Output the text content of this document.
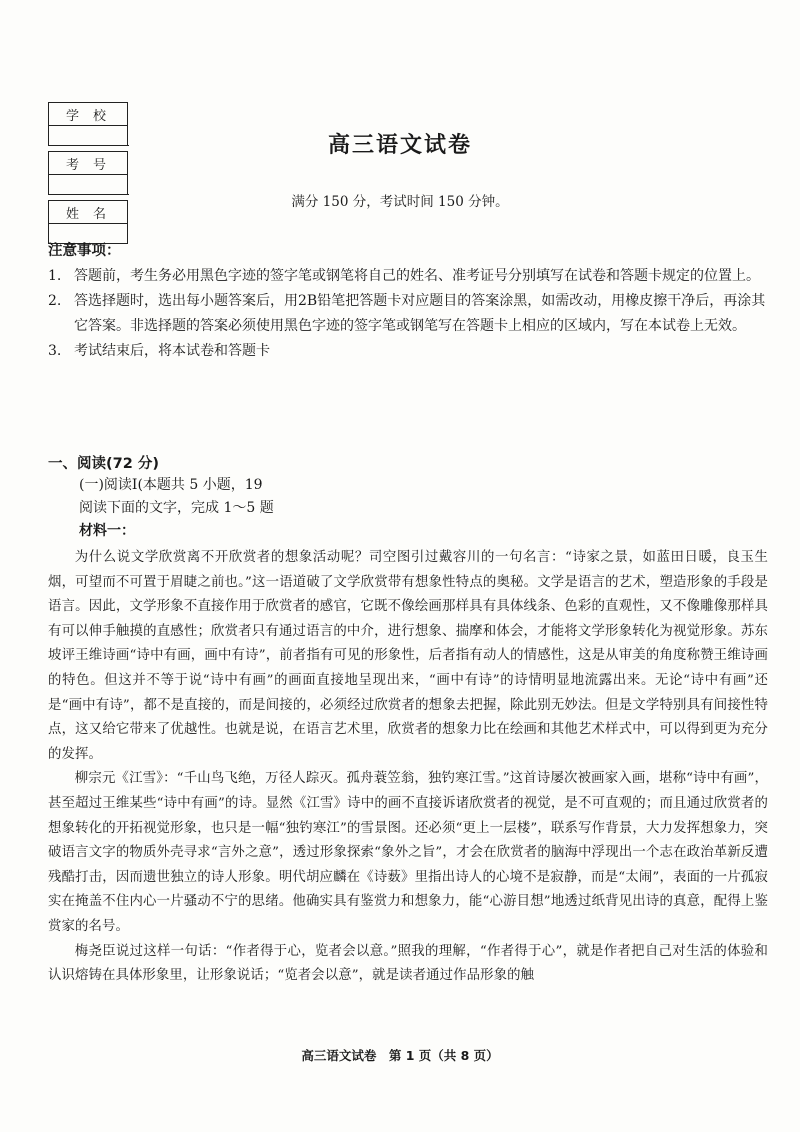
学校
考号
姓名
高三语文试卷
满分 150 分，考试时间 150 分钟。
注意事项：
1. 答题前，考生务必用黑色字迹的签字笔或钢笔将自己的姓名、准考证号分别填写在试卷和答题卡规定的位置上。
2. 答选择题时，选出每小题答案后，用2B铅笔把答题卡对应题目的答案涂黑，如需改动，用橡皮擦干净后，再涂其它答案。非选择题的答案必须使用黑色字迹的签字笔或钢笔写在答题卡上相应的区域内，写在本试卷上无效。
3. 考试结束后，将本试卷和答题卡
一、阅读(72 分)
(一)阅读Ⅰ(本题共 5 小题，19
阅读下面的文字，完成 1～5 题
材料一：

为什么说文学欣赏离不开欣赏者的想象活动呢？司空图引过戴容川的一句名言：“诗家之景，如蓝田日暖，良玉生烟，可望而不可置于眉睫之前也。”这一语道破了文学欣赏带有想象性特点的奥秘。文学是语言的艺术，塑造形象的手段是语言。因此，文学形象不直接作用于欣赏者的感官，它既不像绘画那样具有具体线条、色彩的直观性，又不像雕像那样具有可以伸手触摸的直感性；欣赏者只有通过语言的中介，进行想象、揣摩和体会，才能将文学形象转化为视觉形象。苏东坡评王维诗画“诗中有画，画中有诗”，前者指有可见的形象性，后者指有动人的情感性，这是从审美的角度称赞王维诗画的特色。但这并不等于说“诗中有画”的画面直接地呈现出来，“画中有诗”的诗情明显地流露出来。无论“诗中有画”还是“画中有诗”，都不是直接的，而是间接的，必须经过欣赏者的想象去把握，除此别无妙法。但是文学特别具有间接性特点，这又给它带来了优越性。也就是说，在语言艺术里，欣赏者的想象力比在绘画和其他艺术样式中，可以得到更为充分的发挥。

柳宗元《江雪》：“千山鸟飞绝，万径人踪灭。孤舟蓑笠翁，独钓寒江雪。”这首诗屡次被画家入画，堪称“诗中有画”，甚至超过王维某些“诗中有画”的诗。显然《江雪》诗中的画不直接诉诸欣赏者的视觉，是不可直观的；而且通过欣赏者的想象转化的开拓视觉形象，也只是一幅“独钓寒江”的雪景图。还必须“更上一层楼”，联系写作背景，大力发挥想象力，突破语言文字的物质外壳寻求“言外之意”，透过形象探索“象外之旨”，才会在欣赏者的脑海中浮现出一个志在政治革新反遭残酷打击，因而遗世独立的诗人形象。明代胡应麟在《诗薮》里指出诗人的心境不是寂静，而是“太闹”，表面的一片孤寂实在掩盖不住内心一片骚动不宁的思绪。他确实具有鉴赏力和想象力，能“心游目想”地透过纸背见出诗的真意，配得上鉴赏家的名号。

梅尧臣说过这样一句话：“作者得于心，览者会以意。”照我的理解，“作者得于心”，就是作者把自己对生活的体验和认识熔铸在具体形象里，让形象说话；“览者会以意”，就是读者通过作品形象的触

高三语文试卷　第 1 页（共 8 页）
